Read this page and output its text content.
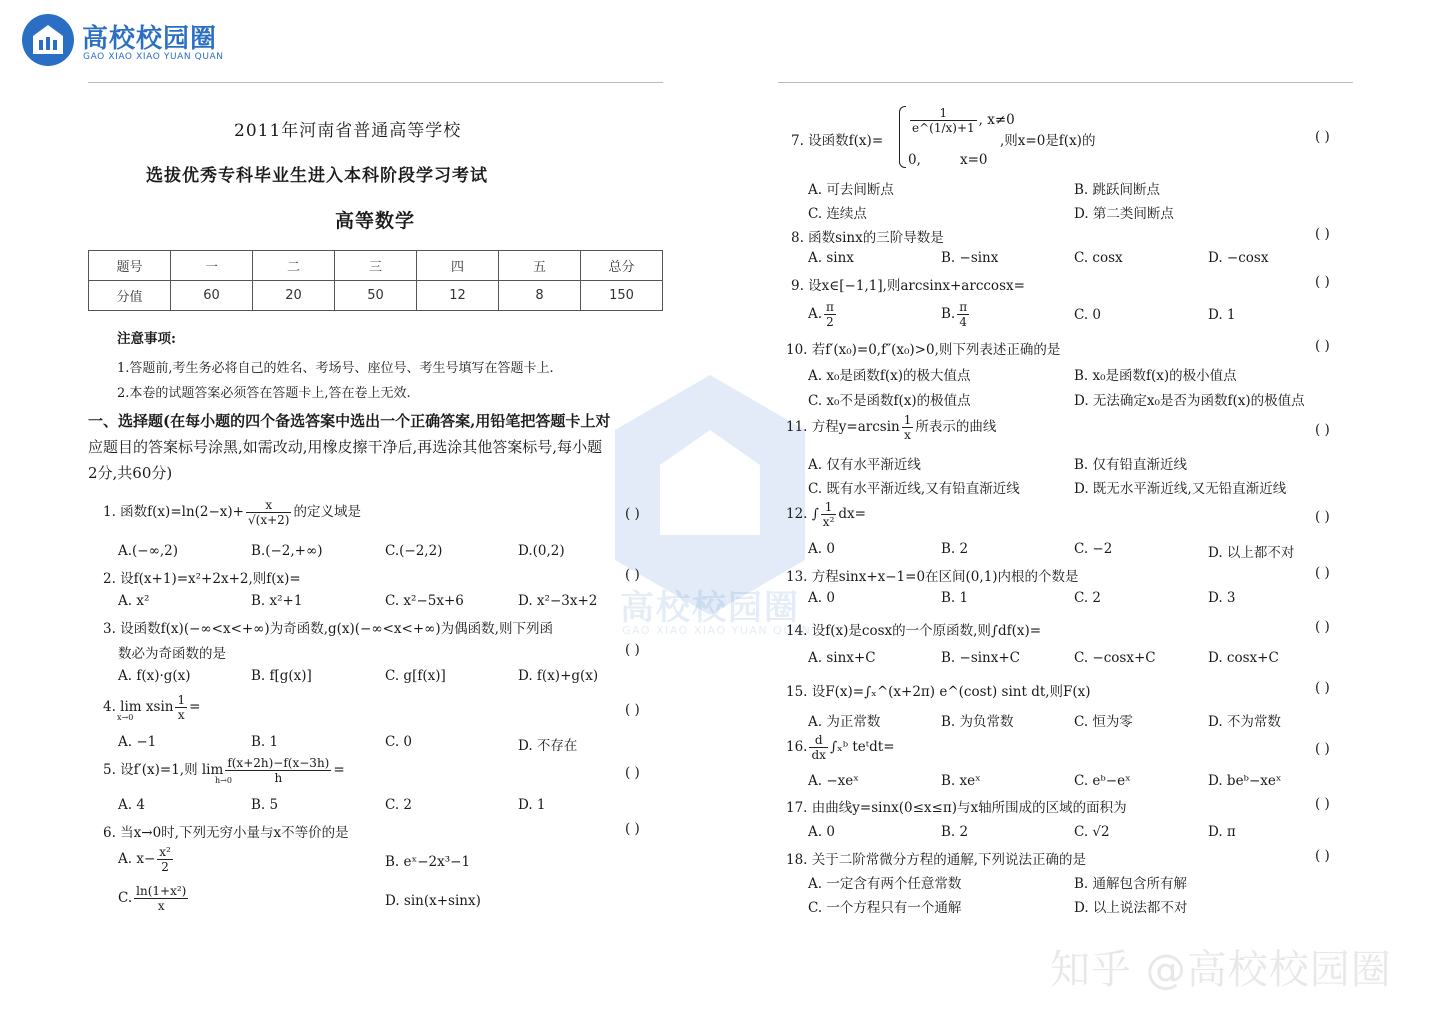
高校校园圈
GAO XIAO XIAO YUAN QUAN
高校校园圈
GAO XIAO XIAO YUAN QUAN
2011年河南省普通高等学校
选拔优秀专科毕业生进入本科阶段学习考试
高等数学
题号	一	二	三	四	五	总分
分值	60	20	50	12	8	150
注意事项:
1.答题前,考生务必将自己的姓名、考场号、座位号、考生号填写在答题卡上.
2.本卷的试题答案必须答在答题卡上,答在卷上无效.
一、选择题(在每小题的四个备选答案中选出一个正确答案,用铅笔把答题卡上对
应题目的答案标号涂黑,如需改动,用橡皮擦干净后,再选涂其他答案标号,每小题
2分,共60分)
1. 函数$f(x)=\ln(2-x)+ \frac{x}{√(x+2)}$ 的定义域是	( )
A.(−∞,2)	B.(−2,+∞)	C.(−2,2)	D.(0,2)
2. 设f(x+1)=x²+2x+2,则f(x)=	( )
A. x²	B. x²+1	C. x²−5x+6	D. x²−3x+2
3. 设函数f(x)(−∞<x<+∞)为奇函数,g(x)(−∞<x<+∞)为偶函数,则下列函
数必为奇函数的是	( )
A. f(x)·g(x)	B. f[g(x)]	C. g[f(x)]	D. f(x)+g(x)
4. lim xsin $\frac{1}{x}$ =
x→0	( )
A. −1	B. 1	C. 0	D. 不存在
5. 设f′(x)=1,则 $\lim \frac{f(x+2h)-f(x-3h)}{h}$ =
h→0	( )
A. 4	B. 5	C. 2	D. 1
6. 当x→0时,下列无穷小量与x不等价的是	( )
A. $x- \frac{\text{x²}}{2}$	B. eˣ−2x³−1
C. $\frac{\text{ln(1+x²)}}{x}$	D. sin(x+sinx)
7. 设函数f(x)=
$\frac{1}{e\^{}(1/x)+1}$ , x≠0
0,	x=0
,则x=0是f(x)的	( )
A. 可去间断点	B. 跳跃间断点
C. 连续点	D. 第二类间断点
8. 函数sinx的三阶导数是	( )
A. sinx	B. −sinx	C. cosx	D. −cosx
9. 设x∈[−1,1],则arcsinx+arccosx=	( )
A. $\frac{\pi}{2}$	B. $\frac{\pi}{4}$	C. 0	D. 1
10. 若f′(x₀)=0,f″(x₀)>0,则下列表述正确的是	( )
A. x₀是函数f(x)的极大值点	B. x₀是函数f(x)的极小值点
C. x₀不是函数f(x)的极值点	D. 无法确定x₀是否为函数f(x)的极值点
11. 方程$y=\arcsin \frac{1}{x}$ 所表示的曲线	( )
A. 仅有水平渐近线	B. 仅有铅直渐近线
C. 既有水平渐近线,又有铅直渐近线	D. 既无水平渐近线,又无铅直渐近线
12. ∫ $\frac{1}{\text{x²}} dx=$	( )
A. 0	B. 2	C. −2	D. 以上都不对
13. 方程sinx+x−1=0在区间(0,1)内根的个数是	( )
A. 0	B. 1	C. 2	D. 3
14. 设f(x)是cosx的一个原函数,则∫df(x)=	( )
A. sinx+C	B. −sinx+C	C. −cosx+C	D. cosx+C
15. 设F(x)=∫ₓ^(x+2π) e^(cost) sint dt,则F(x)	( )
A. 为正常数	B. 为负常数	C. 恒为零	D. 不为常数
16. $\frac{d}{dx}$ ∫ₓᵇ teᵗdt=	( )
A. −xeˣ	B. xeˣ	C. eᵇ−eˣ	D. beᵇ−xeˣ
17. 由曲线y=sinx(0≤x≤π)与x轴所围成的区域的面积为	( )
A. 0	B. 2	C. √2	D. π
18. 关于二阶常微分方程的通解,下列说法正确的是	( )
A. 一定含有两个任意常数	B. 通解包含所有解
C. 一个方程只有一个通解	D. 以上说法都不对
知乎 @高校校园圈
